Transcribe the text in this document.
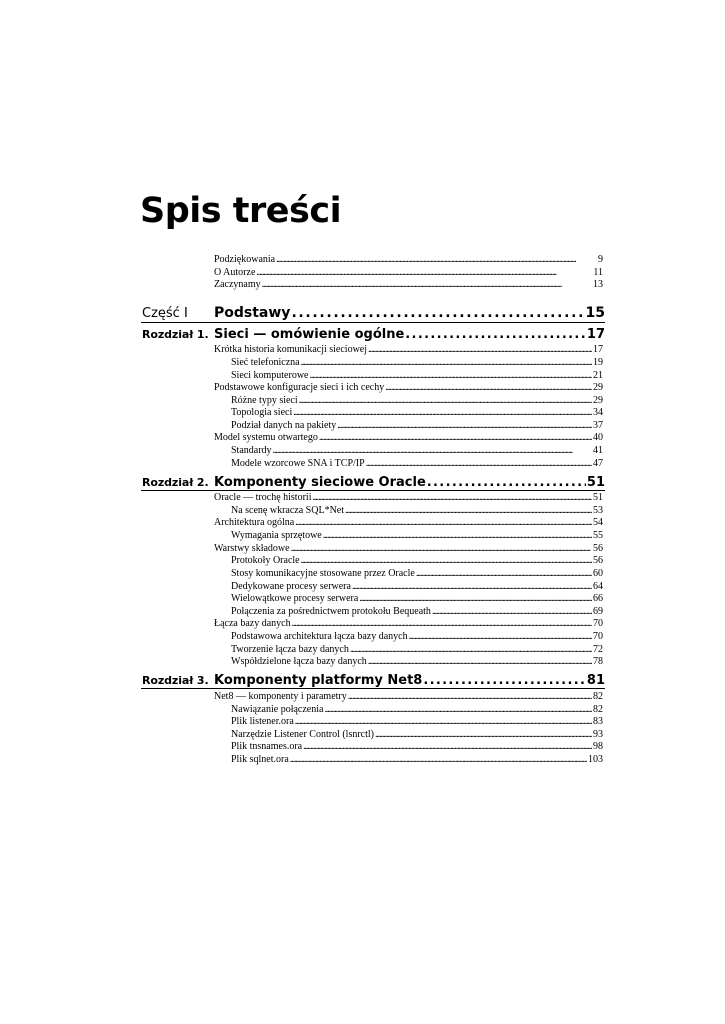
Spis treści
Podziękowania . . .	9
O Autorze . . .	11
Zaczynamy . . .	13
Część I Podstawy . . .	15
Rozdział 1. Sieci — omówienie ogólne . . .	17
Krótka historia komunikacji sieciowej . . .	17
Sieć telefoniczna . . .	19
Sieci komputerowe . . .	21
Podstawowe konfiguracje sieci i ich cechy . . .	29
Różne typy sieci . . .	29
Topologia sieci . . .	34
Podział danych na pakiety . . .	37
Model systemu otwartego . . .	40
Standardy . . .	41
Modele wzorcowe SNA i TCP/IP . . .	47
Rozdział 2. Komponenty sieciowe Oracle . . .	51
Oracle — trochę historii . . .	51
Na scenę wkracza SQL*Net . . .	53
Architektura ogólna . . .	54
Wymagania sprzętowe . . .	55
Warstwy składowe . . .	56
Protokoły Oracle . . .	56
Stosy komunikacyjne stosowane przez Oracle . . .	60
Dedykowane procesy serwera . . .	64
Wielowątkowe procesy serwera . . .	66
Połączenia za pośrednictwem protokołu Bequeath . . .	69
Łącza bazy danych . . .	70
Podstawowa architektura łącza bazy danych . . .	70
Tworzenie łącza bazy danych . . .	72
Współdzielone łącza bazy danych . . .	78
Rozdział 3. Komponenty platformy Net8 . . .	81
Net8 — komponenty i parametry . . .	82
Nawiązanie połączenia . . .	82
Plik listener.ora . . .	83
Narzędzie Listener Control (lsnrctl) . . .	93
Plik tnsnames.ora . . .	98
Plik sqlnet.ora . . .	103
